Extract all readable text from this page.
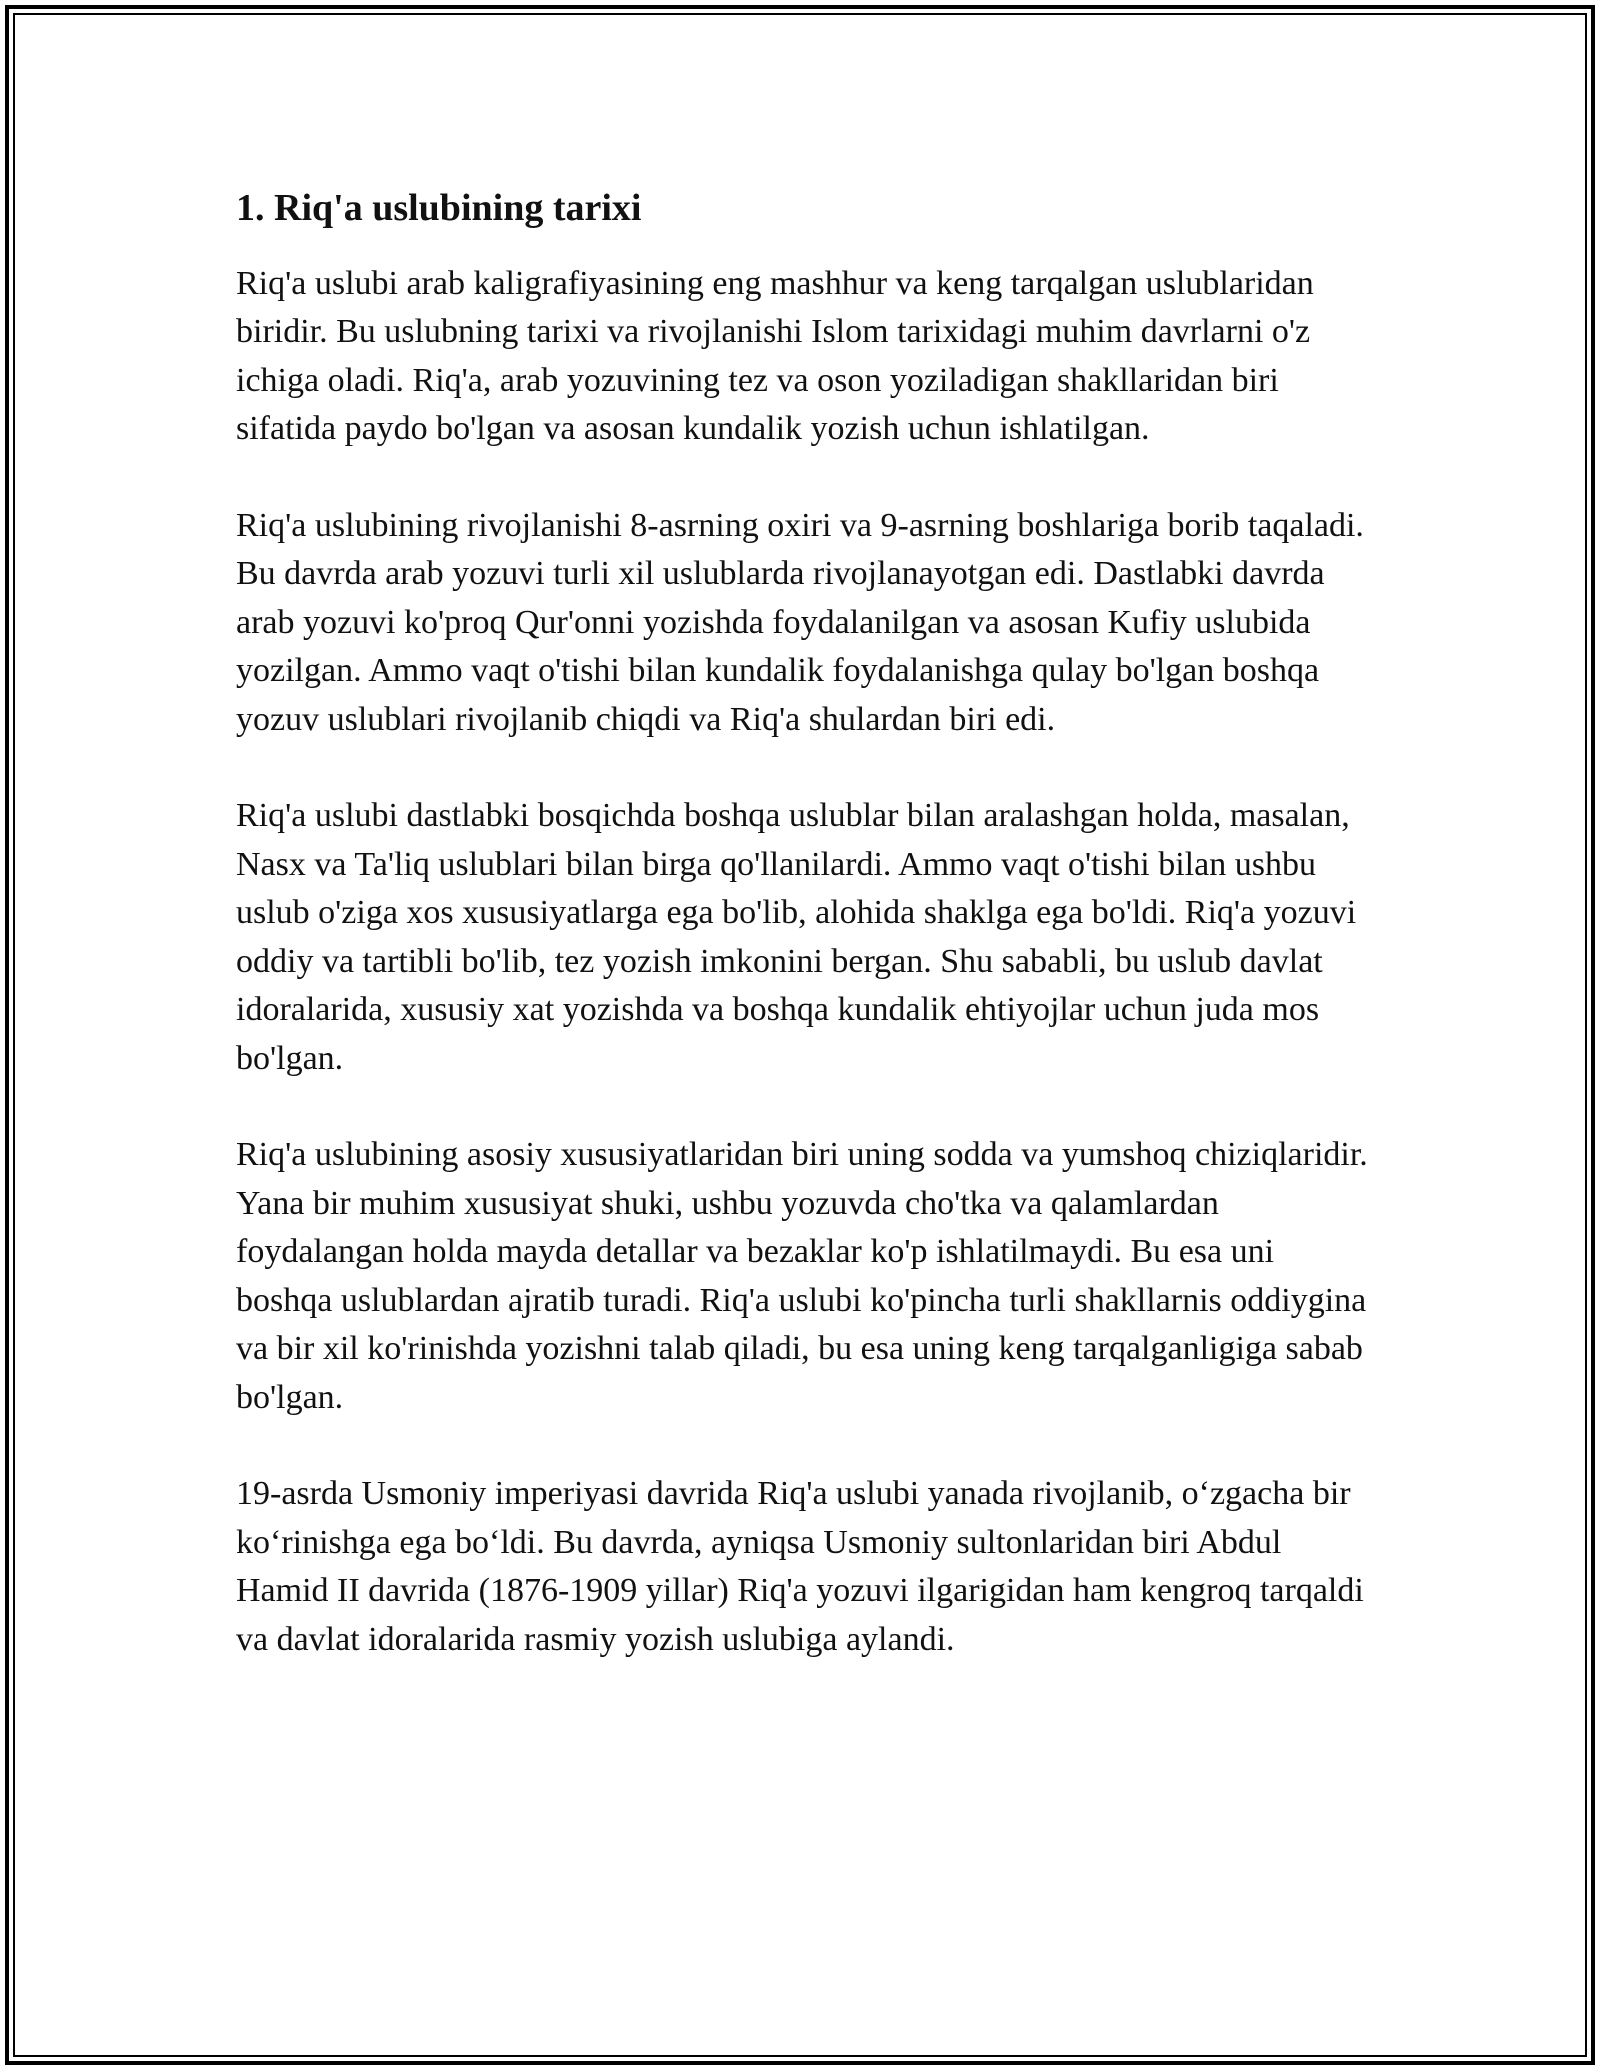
1. Riq'a uslubining tarixi

Riq'a uslubi arab kaligrafiyasining eng mashhur va keng tarqalgan uslublaridan biridir. Bu uslubning tarixi va rivojlanishi Islom tarixidagi muhim davrlarni o'z ichiga oladi. Riq'a, arab yozuvining tez va oson yoziladigan shakllaridan biri sifatida paydo bo'lgan va asosan kundalik yozish uchun ishlatilgan.

Riq'a uslubining rivojlanishi 8-asrning oxiri va 9-asrning boshlariga borib taqaladi. Bu davrda arab yozuvi turli xil uslublarda rivojlanayotgan edi. Dastlabki davrda arab yozuvi ko'proq Qur'onni yozishda foydalanilgan va asosan Kufiy uslubida yozilgan. Ammo vaqt o'tishi bilan kundalik foydalanishga qulay bo'lgan boshqa yozuv uslublari rivojlanib chiqdi va Riq'a shulardan biri edi.

Riq'a uslubi dastlabki bosqichda boshqa uslublar bilan aralashgan holda, masalan, Nasx va Ta'liq uslublari bilan birga qo'llanilardi. Ammo vaqt o'tishi bilan ushbu uslub o'ziga xos xususiyatlarga ega bo'lib, alohida shaklga ega bo'ldi. Riq'a yozuvi oddiy va tartibli bo'lib, tez yozish imkonini bergan. Shu sababli, bu uslub davlat idoralarida, xususiy xat yozishda va boshqa kundalik ehtiyojlar uchun juda mos bo'lgan.

Riq'a uslubining asosiy xususiyatlaridan biri uning sodda va yumshoq chiziqlaridir. Yana bir muhim xususiyat shuki, ushbu yozuvda cho'tka va qalamlardan foydalangan holda mayda detallar va bezaklar ko'p ishlatilmaydi. Bu esa uni boshqa uslublardan ajratib turadi. Riq'a uslubi ko'pincha turli shakllarnis oddiygina va bir xil ko'rinishda yozishni talab qiladi, bu esa uning keng tarqalganligiga sabab bo'lgan.

19-asrda Usmoniy imperiyasi davrida Riq'a uslubi yanada rivojlanib, o‘zgacha bir ko‘rinishga ega bo‘ldi. Bu davrda, ayniqsa Usmoniy sultonlaridan biri Abdul Hamid II davrida (1876-1909 yillar) Riq'a yozuvi ilgarigidan ham kengroq tarqaldi va davlat idoralarida rasmiy yozish uslubiga aylandi.
